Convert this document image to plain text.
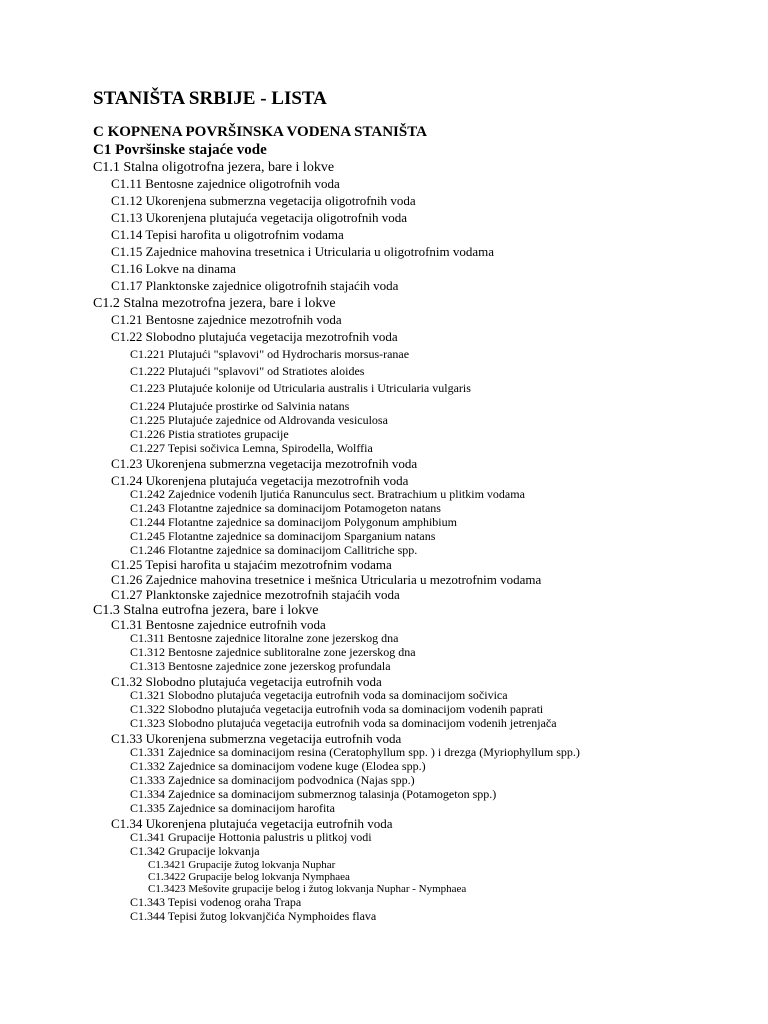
STANIŠTA SRBIJE - LISTA
C KOPNENA POVRŠINSKA VODENA STANIŠTA
C1 Površinske stajaće vode
C1.1 Stalna oligotrofna jezera, bare i lokve
C1.11 Bentosne zajednice oligotrofnih voda
C1.12 Ukorenjena submerzna vegetacija oligotrofnih voda
C1.13 Ukorenjena plutajuća vegetacija oligotrofnih voda
C1.14 Tepisi harofita u oligotrofnim vodama
C1.15 Zajednice mahovina tresetnica i Utricularia u oligotrofnim vodama
C1.16 Lokve na dinama
C1.17 Planktonske zajednice oligotrofnih stajaćih voda
C1.2 Stalna mezotrofna jezera, bare i lokve
C1.21 Bentosne zajednice mezotrofnih voda
C1.22 Slobodno plutajuća vegetacija mezotrofnih voda
C1.221 Plutajući "splavovi" od Hydrocharis morsus-ranae
C1.222 Plutajući "splavovi" od Stratiotes aloides
C1.223 Plutajuće kolonije od Utricularia australis i Utricularia vulgaris
C1.224 Plutajuće prostirke od Salvinia natans
C1.225 Plutajuće zajednice od Aldrovanda vesiculosa
C1.226 Pistia stratiotes grupacije
C1.227 Tepisi sočivica Lemna, Spirodella, Wolffia
C1.23 Ukorenjena submerzna vegetacija mezotrofnih voda
C1.24 Ukorenjena plutajuća vegetacija mezotrofnih voda
C1.242 Zajednice vodenih ljutića Ranunculus sect. Bratrachium u plitkim vodama
C1.243 Flotantne zajednice sa dominacijom Potamogeton natans
C1.244 Flotantne zajednice sa dominacijom Polygonum amphibium
C1.245 Flotantne zajednice sa dominacijom Sparganium natans
C1.246 Flotantne zajednice sa dominacijom Callitriche spp.
C1.25 Tepisi harofita u stajaćim mezotrofnim vodama
C1.26 Zajednice mahovina tresetnice i mešnica Utricularia u mezotrofnim vodama
C1.27 Planktonske zajednice mezotrofnih stajaćih voda
C1.3 Stalna eutrofna jezera, bare i lokve
C1.31 Bentosne zajednice eutrofnih voda
C1.311 Bentosne zajednice litoralne zone jezerskog dna
C1.312 Bentosne zajednice sublitoralne zone jezerskog dna
C1.313 Bentosne zajednice zone jezerskog profundala
C1.32 Slobodno plutajuća vegetacija eutrofnih voda
C1.321 Slobodno plutajuća vegetacija eutrofnih voda sa dominacijom sočivica
C1.322 Slobodno plutajuća vegetacija eutrofnih voda sa dominacijom vodenih paprati
C1.323 Slobodno plutajuća vegetacija eutrofnih voda sa dominacijom vodenih jetrenjača
C1.33 Ukorenjena submerzna vegetacija eutrofnih voda
C1.331 Zajednice sa dominacijom resina (Ceratophyllum spp. ) i drezga (Myriophyllum spp.)
C1.332 Zajednice sa dominacijom vodene kuge (Elodea spp.)
C1.333 Zajednice sa dominacijom podvodnica (Najas spp.)
C1.334 Zajednice sa dominacijom submerznog talasinja (Potamogeton spp.)
C1.335 Zajednice sa dominacijom harofita
C1.34 Ukorenjena plutajuća vegetacija eutrofnih voda
C1.341 Grupacije Hottonia palustris u plitkoj vodi
C1.342 Grupacije lokvanja
C1.3421 Grupacije žutog lokvanja Nuphar
C1.3422 Grupacije belog lokvanja Nymphaea
C1.3423 Mešovite grupacije belog i žutog lokvanja Nuphar - Nymphaea
C1.343 Tepisi vodenog oraha Trapa
C1.344 Tepisi žutog lokvanjčića Nymphoides flava
